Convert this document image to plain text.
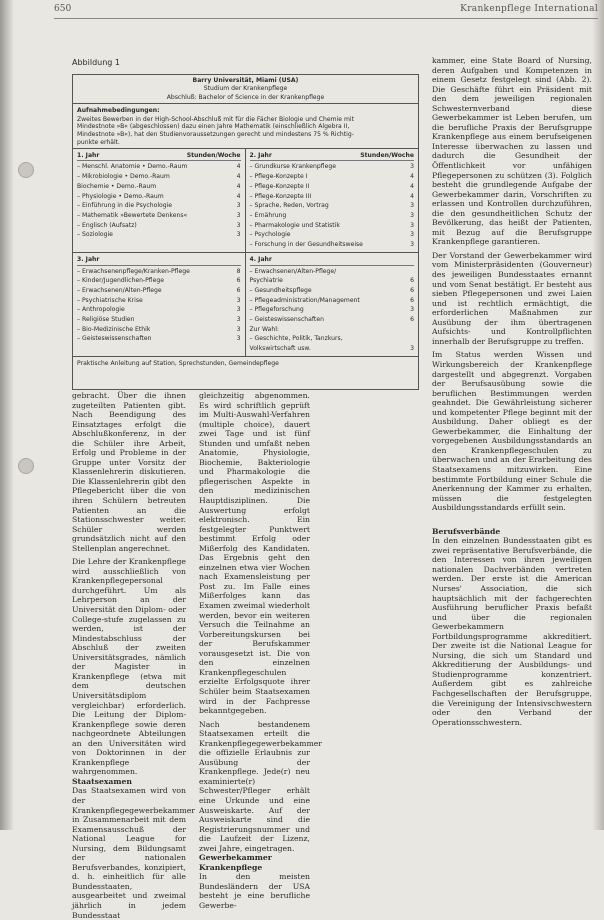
650	Krankenpflege International
Abbildung 1
Barry Universität, Miami (USA)
Studium der Krankenpflege
Abschluß: Bachelor of Science in der Krankenpflege
Aufnahmebedingungen:

Zweites Bewerben in der High-School-Abschluß mit für die Fächer Biologie und Chemie mit

Mindestnote »B« (abgeschlossen) dazu einen Jahre Mathematik (einschließlich Algebra II,

Mindestnote »B«), hat den Studienvoraussetzungen gerecht und mindestens 75 % Richtig-

punkte erhält.

1. Jahr	Stunden/Woche
– Menschl. Anatomie • Demo.-Raum	4
– Mikrobiologie • Demo.-Raum	4
Biochemie • Demo.-Raum	4
– Physiologie • Demo.-Raum	4
– Einführung in die Psychologie	3
– Mathematik »Bewertete Denkens«	3
– Englisch (Aufsatz)	3
– Soziologie	3
2. Jahr	Stunden/Woche
– Grundkurse Krankenpflege	3
– Pflege-Konzepte I	4
– Pflege-Konzepte II	4
– Pflege-Konzepte III	4
– Sprache, Reden, Vortrag	3
– Ernährung	3
– Pharmakologie und Statistik	3
– Psychologie	3
– Forschung in der Gesundheitsweise	3
3. Jahr
– Erwachsenenpflege/Kranken-Pflege	8
– Kinder/Jugendlichen-Pflege	6
– Erwachsenen/Alten-Pflege	6
– Psychiatrische Krise	3
– Anthropologie	3
– Religiöse Studien	3
– Bio-Medizinische Ethik	3
– Geisteswissenschaften	3
4. Jahr
– Erwachsenen/Alten-Pflege/
Psychiatrie	6
– Gesundheitspflege	6
– Pflegeadministration/Management	6
– Pflegeforschung	3
– Geisteswissenschaften	6
Zur Wahl:
– Geschichte, Politik, Tanzkurs,
Volkswirtschaft usw.	3
Praktische Anleitung auf Station, Sprechstunden, Gemeindepflege

gebracht. Über die ihnen zugeteilten Patienten gibt. Nach Beendigung des Einsatztages erfolgt die Abschlußkonferenz, in der die Schüler ihre Arbeit, Erfolg und Probleme in der Gruppe unter Vorsitz der Klassenlehrerin diskutieren. Die Klassenlehrerin gibt den Pflegebericht über die von ihren Schülern betreuten Patienten an die Stationsschwester weiter. Schüler werden grundsätzlich nicht auf den Stellenplan angerechnet.

Die Lehre der Krankenpflege wird ausschließlich von Krankenpflegepersonal durchgeführt. Um als Lehrperson an der Universität den Diplom- oder College-stufe zugelassen zu werden, ist der Mindestabschluss der Abschluß der zweiten Universitätsgrades, nämlich der Magister in Krankenpflege (etwa mit dem deutschen Universitätsdiplom vergleichbar) erforderlich. Die Leitung der Diplom-Krankenpflege sowie deren nachgeordnete Abteilungen an den Universitäten wird von Doktorinnen in der Krankenpflege wahrgenommen.

Staatsexamen

Das Staatsexamen wird von der Krankenpflegegewerbekammer in Zusammenarbeit mit dem Examensausschuß der National League for Nursing, dem Bildungsamt der nationalen Berufsverbandes, konzipiert, d. h. einheitlich für alle Bundesstaaten, ausgearbeitet und zweimal jährlich in jedem Bundesstaat

gleichzeitig abgenommen. Es wird schriftlich geprüft im Multi-Auswahl-Verfahren (multiple choice), dauert zwei Tage und ist fünf Stunden und umfaßt neben Anatomie, Physiologie, Biochemie, Bakteriologie und Pharmakologie die pflegerischen Aspekte in den medizinischen Hauptdisziplinen. Die Auswertung erfolgt elektronisch. Ein festgelegter Punktwert bestimmt Erfolg oder Mißerfolg des Kandidaten. Das Ergebnis geht den einzelnen etwa vier Wochen nach Examensleistung per Post zu. Im Falle eines Mißerfolges kann das Examen zweimal wiederholt werden, bevor ein weiteren Versuch die Teilnahme an Vorbereitungskursen bei der Berufskammer vorausgesetzt ist. Die von den einzelnen Krankenpflegeschulen erzielte Erfolgsquote ihrer Schüler beim Staatsexamen wird in der Fachpresse bekanntgegeben.

Nach bestandenem Staatsexamen erteilt die Krankenpflegegewerbekammer die offizielle Erlaubnis zur Ausübung der Krankenpflege. Jede(r) neu examinierte(r) Schwester/Pfleger erhält eine Urkunde und eine Ausweiskarte. Auf der Ausweiskarte sind die Registrierungsnummer und die Laufzeit der Lizenz, zwei Jahre, eingetragen.

Gewerbekammer Krankenpflege

In den meisten Bundesländern der USA besteht je eine berufliche Gewerbe-

kammer, eine State Board of Nursing, deren Aufgaben und Kompetenzen in einem Gesetz festgelegt sind (Abb. 2). Die Geschäfte führt ein Präsident mit den dem jeweiligen regionalen Schwesternverband diese Gewerbekammer ist Leben berufen, um die berufliche Praxis der Berufsgruppe Krankenpflege aus einem berufseigenen Interesse überwachen zu lassen und dadurch die Gesundheit der Öffentlichkeit vor unfähigen Pflegepersonen zu schützen (3). Folglich besteht die grundlegende Aufgabe der Gewerbekammer darin, Vorschriften zu erlassen und Kontrollen durchzuführen, die den gesundheitlichen Schutz der Bevölkerung, das heißt der Patienten, mit Bezug auf die Berufsgruppe Krankenpflege garantieren.

Der Vorstand der Gewerbekammer wird vom Ministerpräsidenten (Gouverneur) des jeweiligen Bundesstaates ernannt und vom Senat bestätigt. Er besteht aus sieben Pflegepersonen und zwei Laien und ist rechtlich ermächtigt, die erforderlichen Maßnahmen zur Ausübung der ihm übertragenen Aufsichts- und Kontrollpflichten innerhalb der Berufsgruppe zu treffen.

Im Status werden Wissen und Wirkungsbereich der Krankenpflege dargestellt und abgegrenzt. Vorgaben der Berufsausübung sowie die beruflichen Bestimmungen werden geahndet. Die Gewährleistung sicherer und kompetenter Pflege beginnt mit der Ausbildung. Daher obliegt es der Gewerbekammer, die Einhaltung der vorgegebenen Ausbildungsstandards an den Krankenpflegeschulen zu überwachen und an der Erarbeitung des Staatsexamens mitzuwirken. Eine bestimmte Fortbildung einer Schule die Anerkennung der Kammer zu erhalten, müssen die festgelegten Ausbildungsstandards erfüllt sein.

Berufsverbände

In den einzelnen Bundesstaaten gibt es zwei repräsentative Berufsverbände, die den Interessen von ihren jeweiligen nationalen Dachverbänden vertreten werden. Der erste ist die American Nurses' Association, die sich hauptsächlich mit der fachgerechten Ausführung beruflicher Praxis befaßt und über die regionalen Gewerbekammern Fortbildungsprogramme akkreditiert. Der zweite ist die National League for Nursing, die sich um Standard und Akkreditierung der Ausbildungs- und Studienprogramme konzentriert. Außerdem gibt es zahlreiche Fachgesellschaften der Berufsgruppe, die Vereinigung der Intensivschwestern oder den Verband der Operationsschwestern.
